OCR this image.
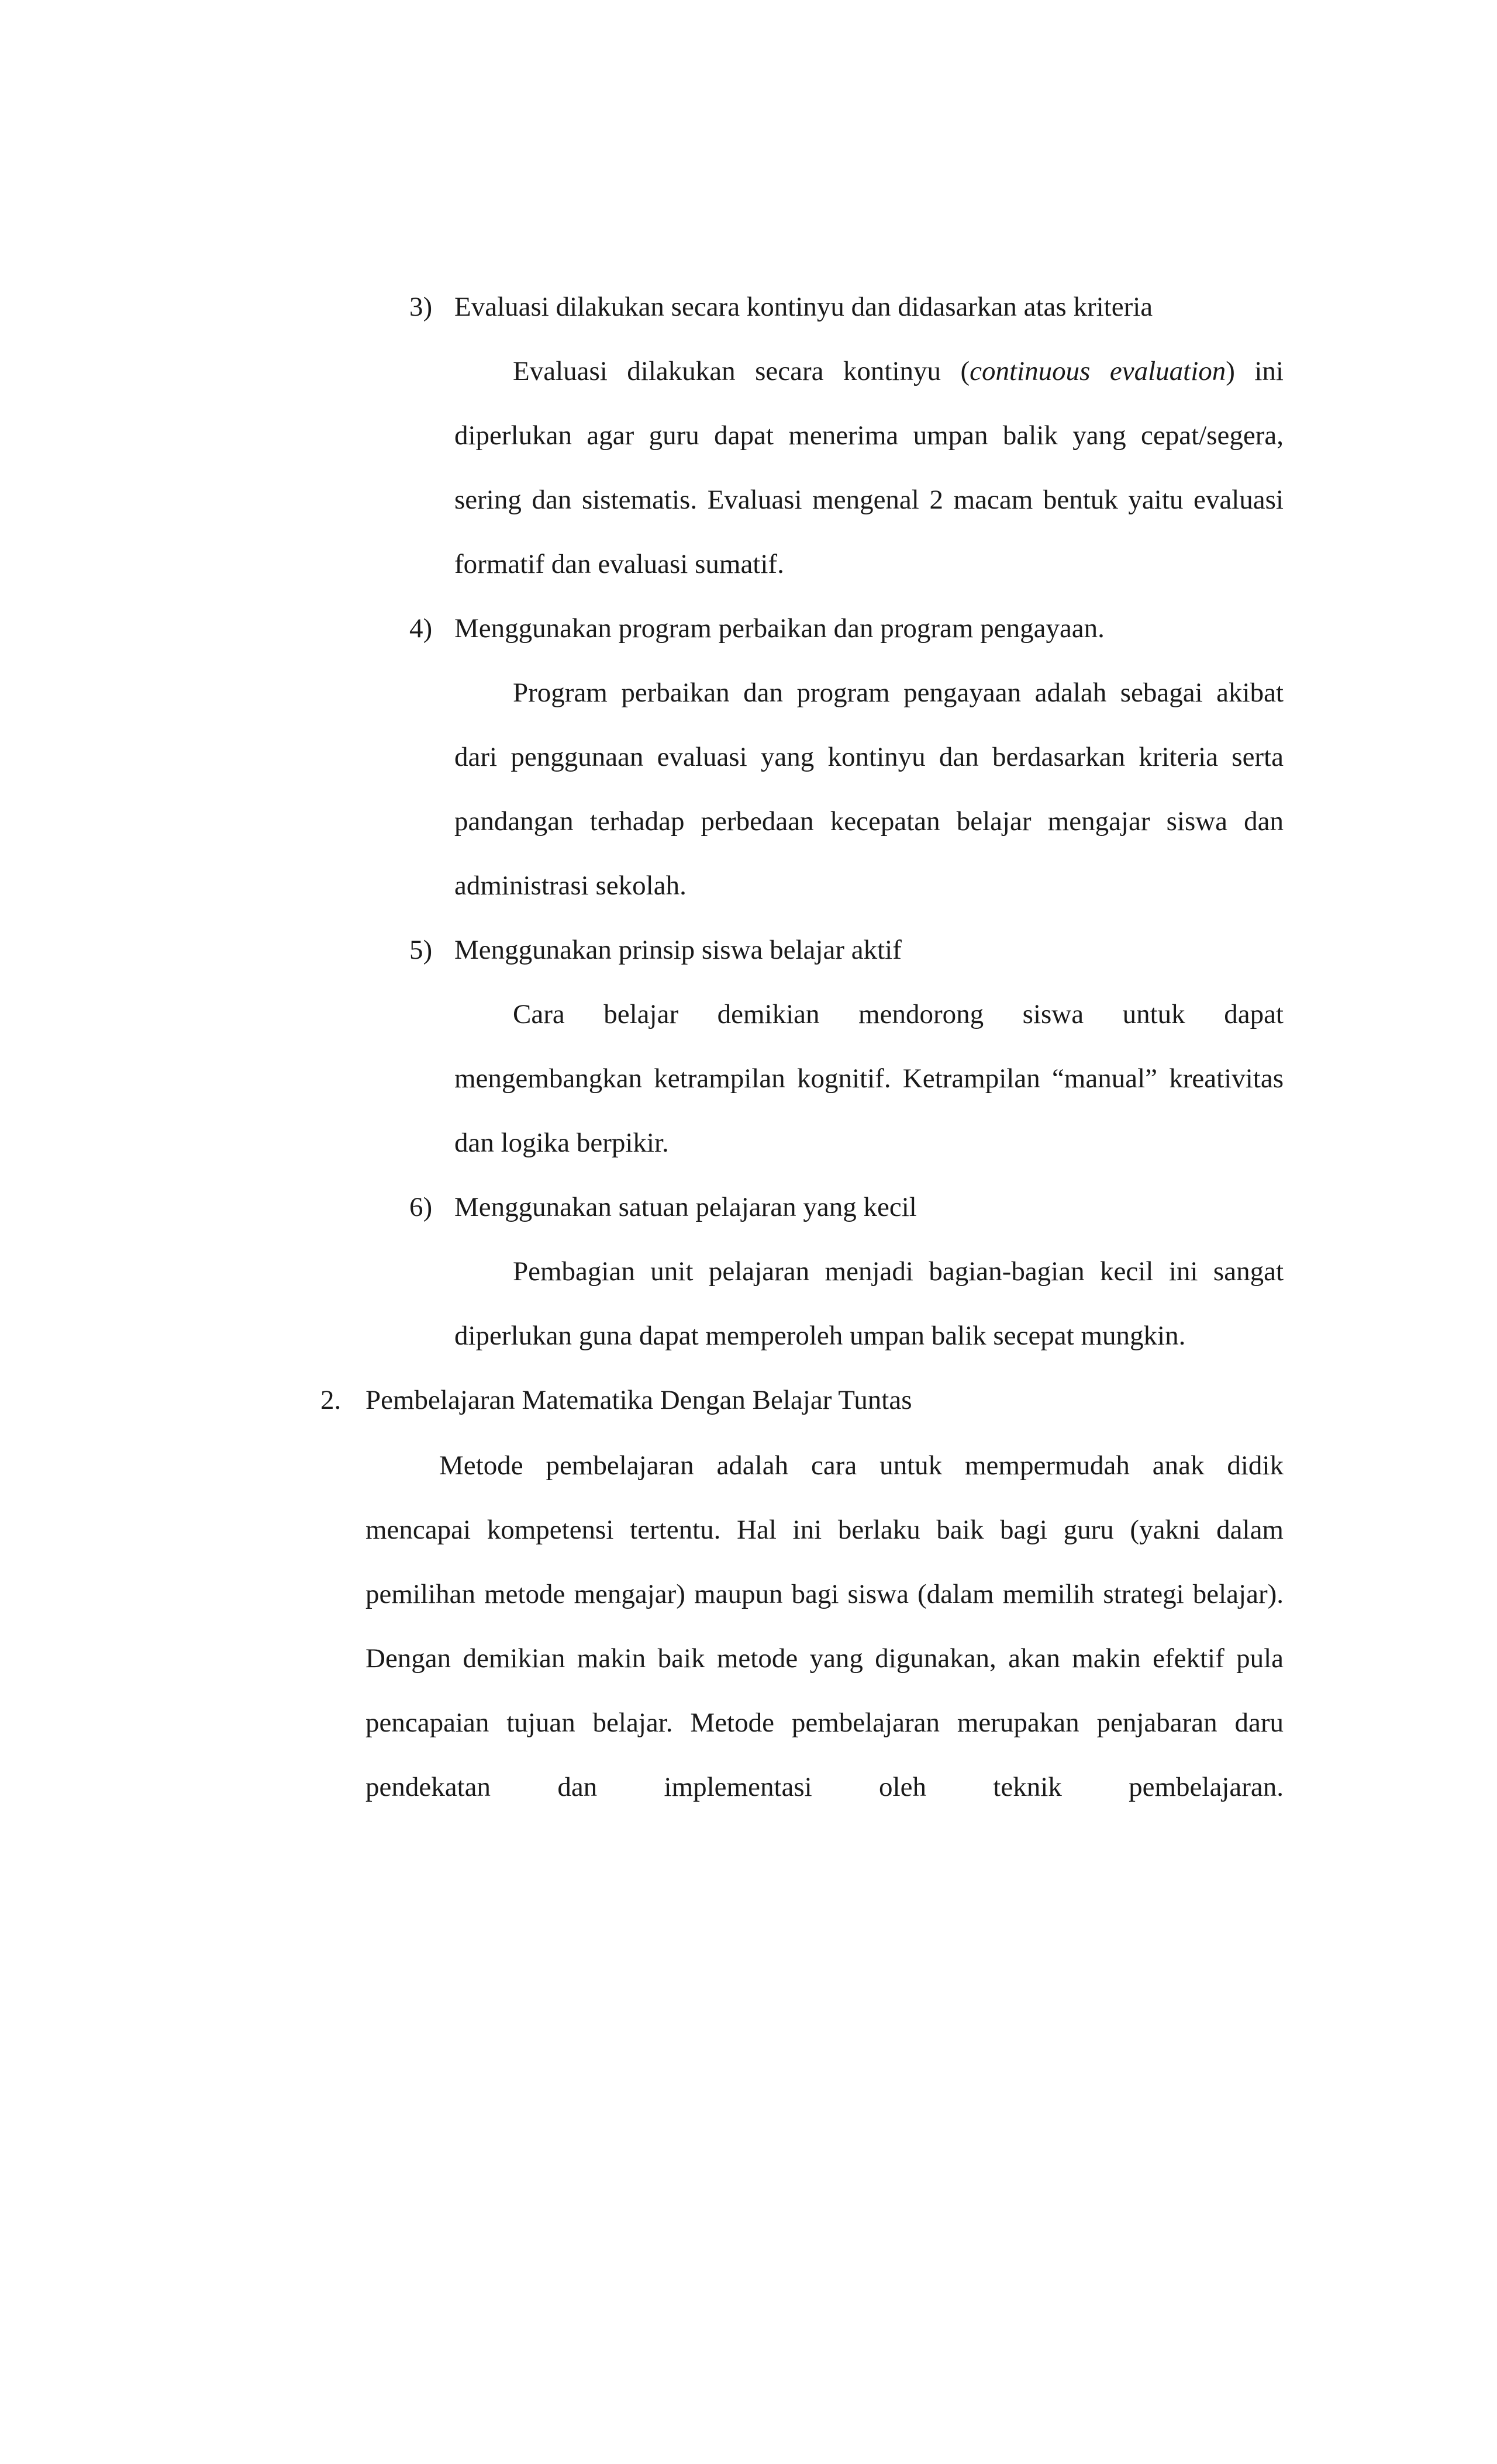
3) Evaluasi dilakukan secara kontinyu dan didasarkan atas kriteria
Evaluasi dilakukan secara kontinyu (continuous evaluation) ini diperlukan agar guru dapat menerima umpan balik yang cepat/segera, sering dan sistematis. Evaluasi mengenal 2 macam bentuk yaitu evaluasi formatif dan evaluasi sumatif.
4) Menggunakan program perbaikan dan program pengayaan.
Program perbaikan dan program pengayaan adalah sebagai akibat dari penggunaan evaluasi yang kontinyu dan berdasarkan kriteria serta pandangan terhadap perbedaan kecepatan belajar mengajar siswa dan administrasi sekolah.
5) Menggunakan prinsip siswa belajar aktif
Cara belajar demikian mendorong siswa untuk dapat mengembangkan ketrampilan kognitif. Ketrampilan “manual” kreativitas dan logika berpikir.
6) Menggunakan satuan pelajaran yang kecil
Pembagian unit pelajaran menjadi bagian-bagian kecil ini sangat diperlukan guna dapat memperoleh umpan balik secepat mungkin.
2. Pembelajaran Matematika Dengan Belajar Tuntas
Metode pembelajaran adalah cara untuk mempermudah anak didik mencapai kompetensi tertentu. Hal ini berlaku baik bagi guru (yakni dalam pemilihan metode mengajar) maupun bagi siswa (dalam memilih strategi belajar). Dengan demikian makin baik metode yang digunakan, akan makin efektif pula pencapaian tujuan belajar. Metode pembelajaran merupakan penjabaran daru pendekatan dan implementasi oleh teknik pembelajaran.
